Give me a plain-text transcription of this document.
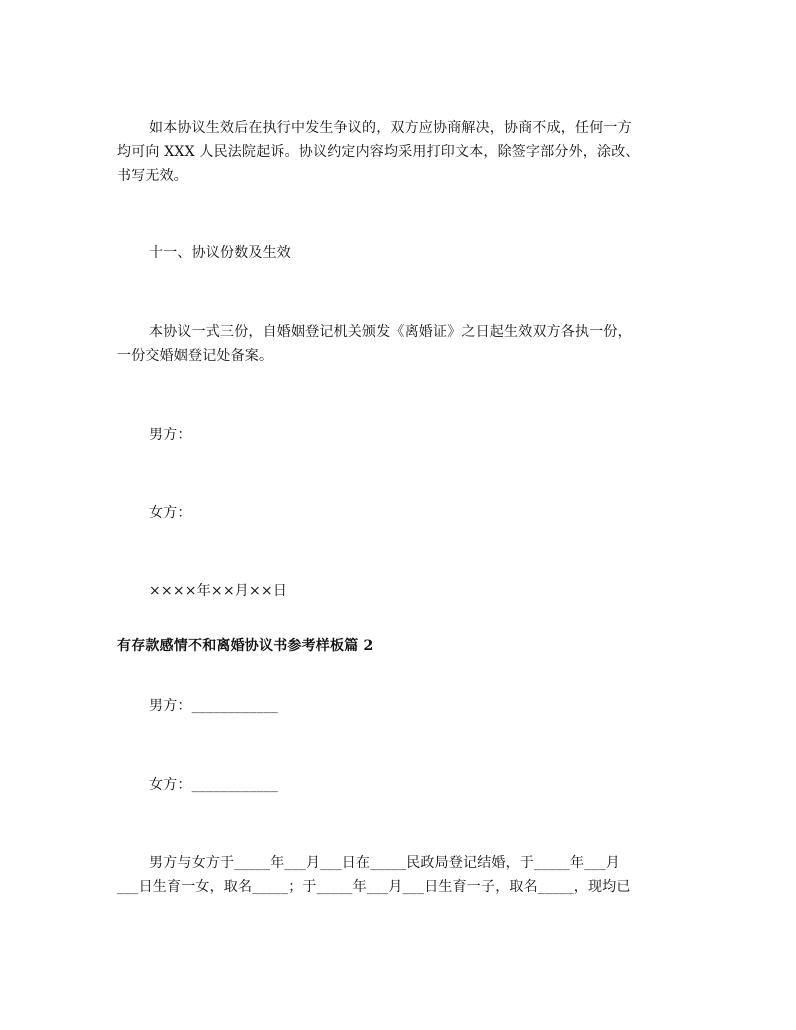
如本协议生效后在执行中发生争议的，双方应协商解决，协商不成，任何一方
均可向 XXX 人民法院起诉。协议约定内容均采用打印文本，除签字部分外，涂改、
书写无效。
十一、协议份数及生效
本协议一式三份，自婚姻登记机关颁发《离婚证》之日起生效双方各执一份，
一份交婚姻登记处备案。
男方：
女方：
××××年××月××日
有存款感情不和离婚协议书参考样板篇 2
男方：____________
女方：____________
男方与女方于_____年___月___日在_____民政局登记结婚，于_____年___月
___日生育一女，取名_____；于_____年___月___日生育一子，取名_____，现均已
